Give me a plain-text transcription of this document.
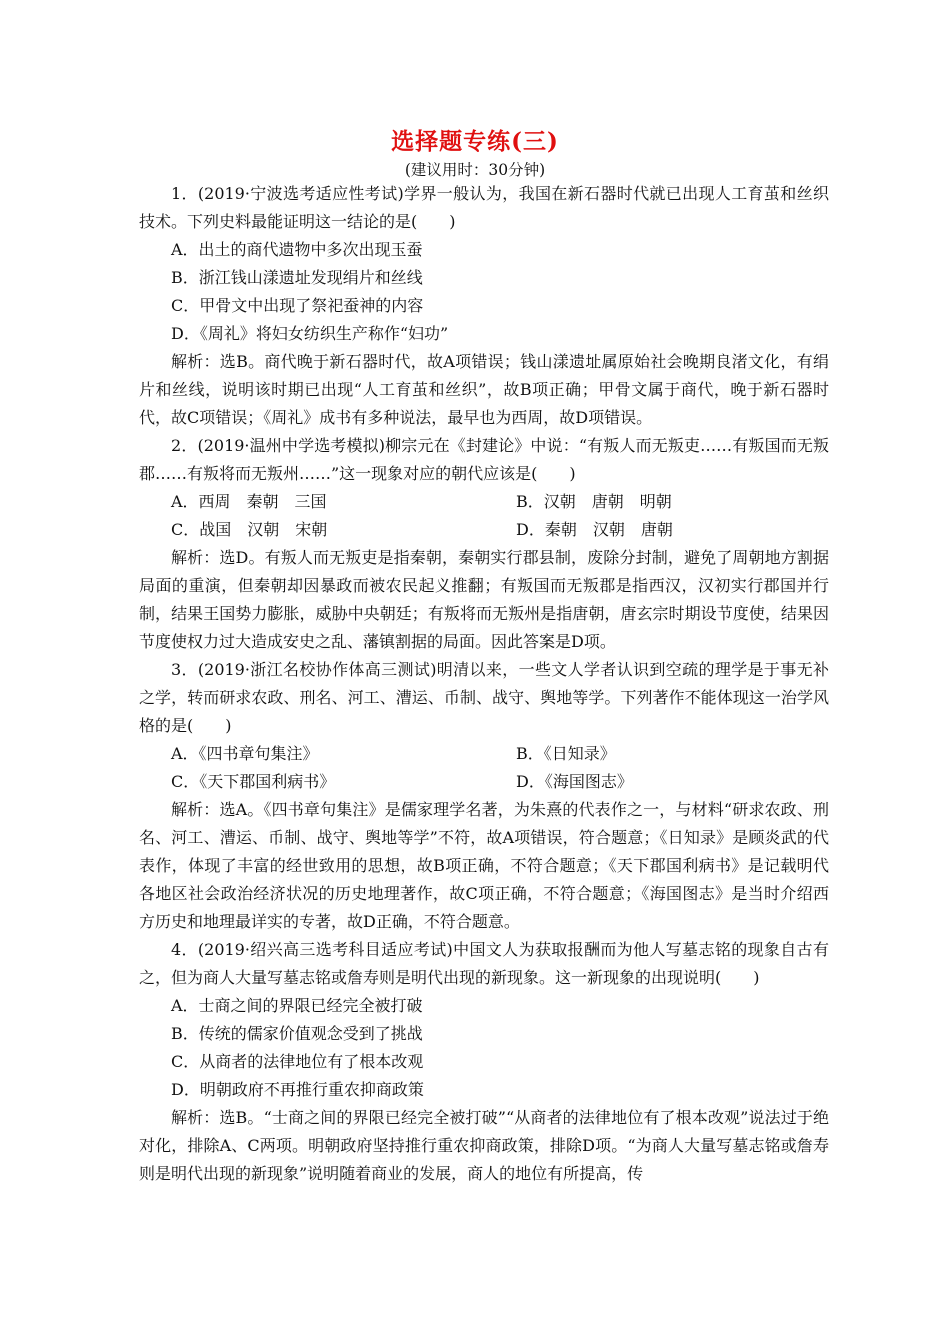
选择题专练(三)
(建议用时：30分钟)

1．(2019·宁波选考适应性考试)学界一般认为，我国在新石器时代就已出现人工育茧和丝织技术。下列史料最能证明这一结论的是(　　)

A．出土的商代遗物中多次出现玉蚕

B．浙江钱山漾遗址发现绢片和丝线

C．甲骨文中出现了祭祀蚕神的内容

D．《周礼》将妇女纺织生产称作“妇功”

解析：选B。商代晚于新石器时代，故A项错误；钱山漾遗址属原始社会晚期良渚文化，有绢片和丝线，说明该时期已出现“人工育茧和丝织”，故B项正确；甲骨文属于商代，晚于新石器时代，故C项错误；《周礼》成书有多种说法，最早也为西周，故D项错误。

2．(2019·温州中学选考模拟)柳宗元在《封建论》中说：“有叛人而无叛吏……有叛国而无叛郡……有叛将而无叛州……”这一现象对应的朝代应该是(　　)

A．西周　秦朝　三国	B．汉朝　唐朝　明朝
C．战国　汉朝　宋朝	D．秦朝　汉朝　唐朝

解析：选D。有叛人而无叛吏是指秦朝，秦朝实行郡县制，废除分封制，避免了周朝地方割据局面的重演，但秦朝却因暴政而被农民起义推翻；有叛国而无叛郡是指西汉，汉初实行郡国并行制，结果王国势力膨胀，威胁中央朝廷；有叛将而无叛州是指唐朝，唐玄宗时期设节度使，结果因节度使权力过大造成安史之乱、藩镇割据的局面。因此答案是D项。

3．(2019·浙江名校协作体高三测试)明清以来，一些文人学者认识到空疏的理学是于事无补之学，转而研求农政、刑名、河工、漕运、币制、战守、舆地等学。下列著作不能体现这一治学风格的是(　　)

A．《四书章句集注》	B．《日知录》
C．《天下郡国利病书》	D．《海国图志》

解析：选A。《四书章句集注》是儒家理学名著，为朱熹的代表作之一，与材料“研求农政、刑名、河工、漕运、币制、战守、舆地等学”不符，故A项错误，符合题意；《日知录》是顾炎武的代表作，体现了丰富的经世致用的思想，故B项正确，不符合题意；《天下郡国利病书》是记载明代各地区社会政治经济状况的历史地理著作，故C项正确，不符合题意；《海国图志》是当时介绍西方历史和地理最详实的专著，故D正确，不符合题意。

4．(2019·绍兴高三选考科目适应考试)中国文人为获取报酬而为他人写墓志铭的现象自古有之，但为商人大量写墓志铭或詹寿则是明代出现的新现象。这一新现象的出现说明(　　)

A．士商之间的界限已经完全被打破

B．传统的儒家价值观念受到了挑战

C．从商者的法律地位有了根本改观

D．明朝政府不再推行重农抑商政策

解析：选B。“士商之间的界限已经完全被打破”“从商者的法律地位有了根本改观”说法过于绝对化，排除A、C两项。明朝政府坚持推行重农抑商政策，排除D项。“为商人大量写墓志铭或詹寿则是明代出现的新现象”说明随着商业的发展，商人的地位有所提高，传
